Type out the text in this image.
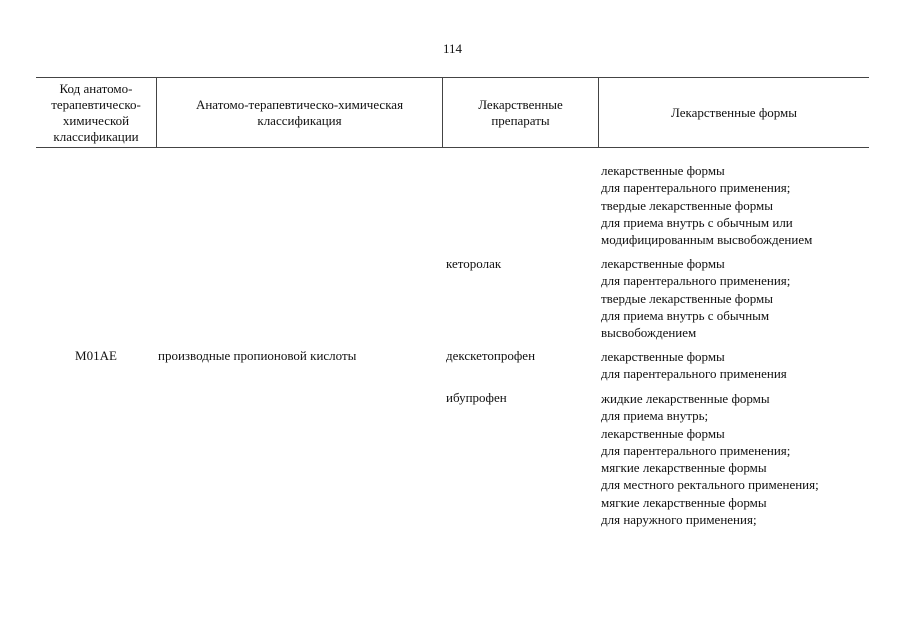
114
Код анатомо-
терапевтическо-
химической
классификации
Анатомо-терапевтическо-химическая
классификация
Лекарственные
препараты
Лекарственные формы
M01AE	производные пропионовой кислоты
кеторолак
декскетопрофен
ибупрофен
лекарственные формы
для парентерального применения;
твердые лекарственные формы
для приема внутрь с обычным или
модифицированным высвобождением
лекарственные формы
для парентерального применения;
твердые лекарственные формы
для приема внутрь с обычным
высвобождением
лекарственные формы
для парентерального применения
жидкие лекарственные формы
для приема внутрь;
лекарственные формы
для парентерального применения;
мягкие лекарственные формы
для местного ректального применения;
мягкие лекарственные формы
для наружного применения;
